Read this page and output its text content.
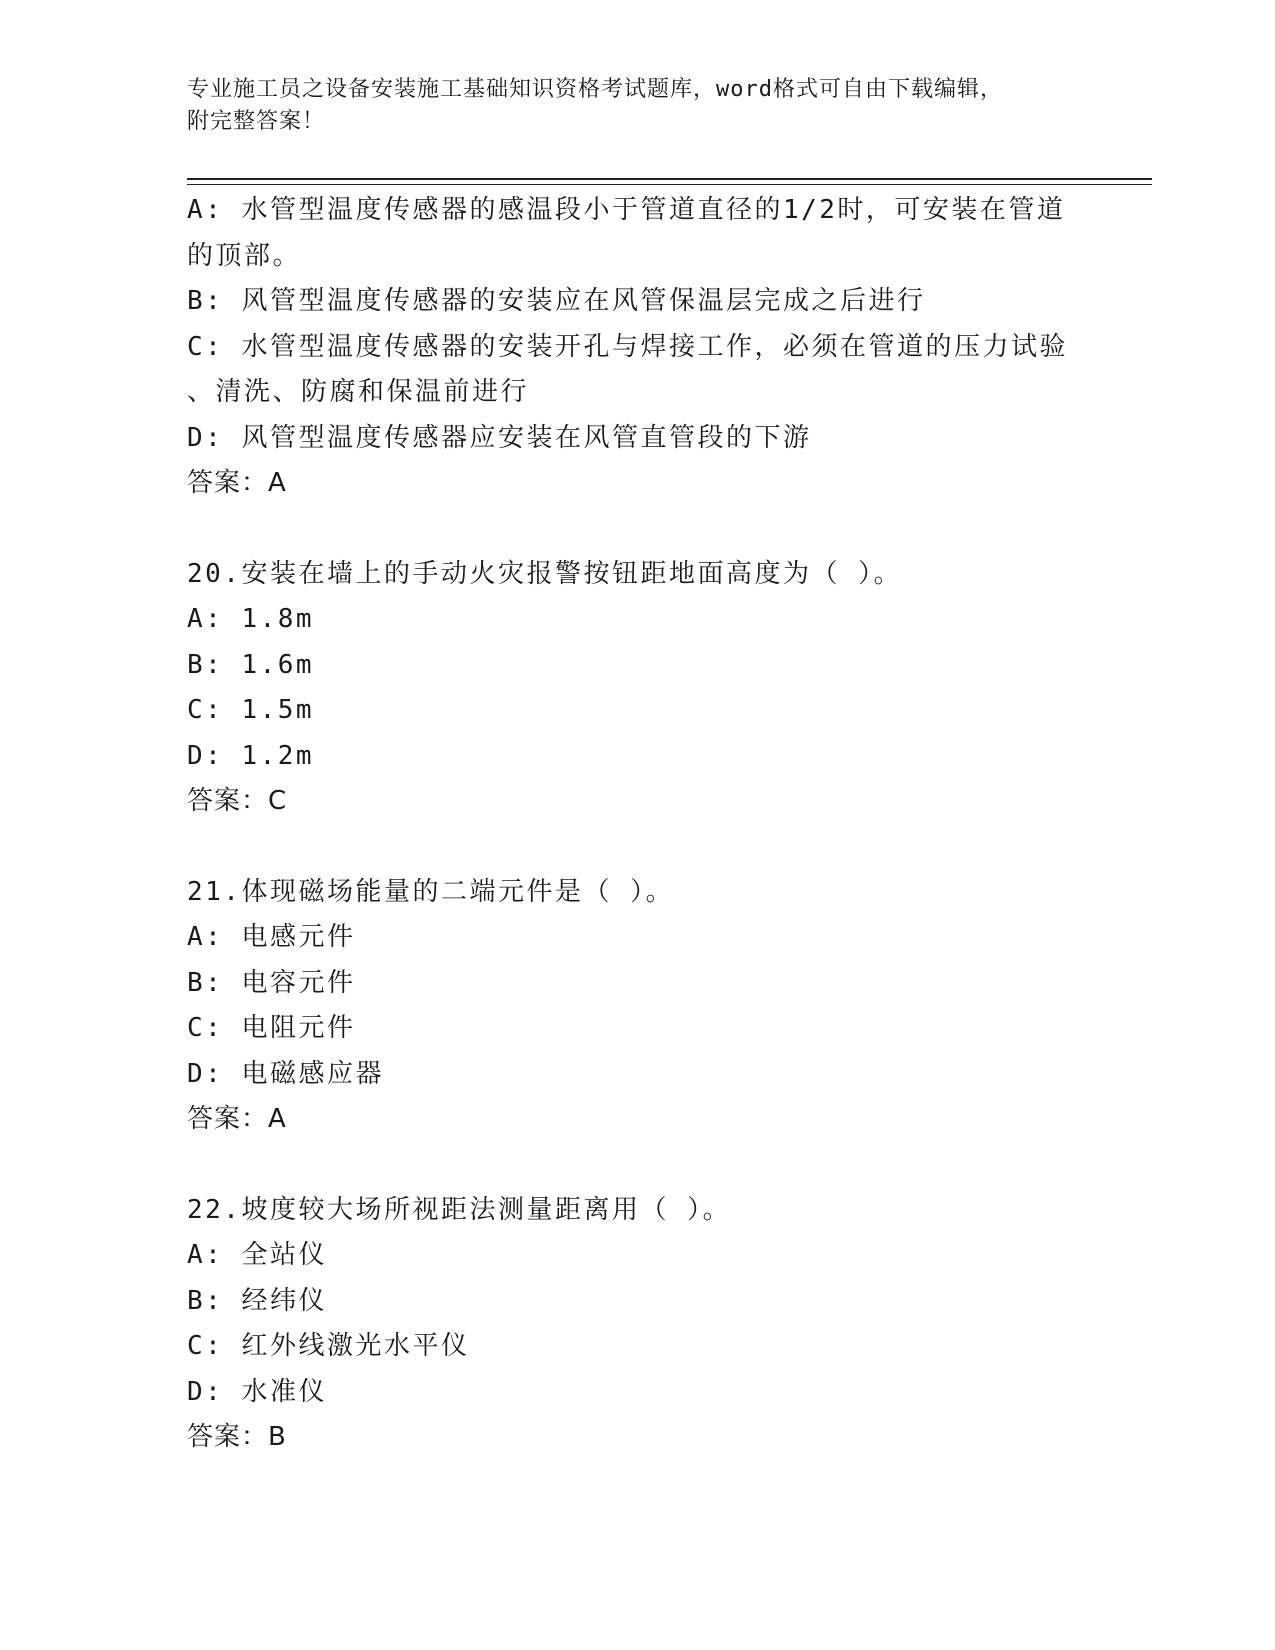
专业施工员之设备安装施工基础知识资格考试题库，word格式可自由下载编辑，
附完整答案！
A: 水管型温度传感器的感温段小于管道直径的1/2时，可安装在管道
的顶部。
B: 风管型温度传感器的安装应在风管保温层完成之后进行
C: 水管型温度传感器的安装开孔与焊接工作，必须在管道的压力试验
、清洗、防腐和保温前进行
D: 风管型温度传感器应安装在风管直管段的下游
答案：A
20.安装在墙上的手动火灾报警按钮距地面高度为（ ）。
A: 1.8m
B: 1.6m
C: 1.5m
D: 1.2m
答案：C
21.体现磁场能量的二端元件是（ ）。
A: 电感元件
B: 电容元件
C: 电阻元件
D: 电磁感应器
答案：A
22.坡度较大场所视距法测量距离用（ ）。
A: 全站仪
B: 经纬仪
C: 红外线激光水平仪
D: 水准仪
答案：B
